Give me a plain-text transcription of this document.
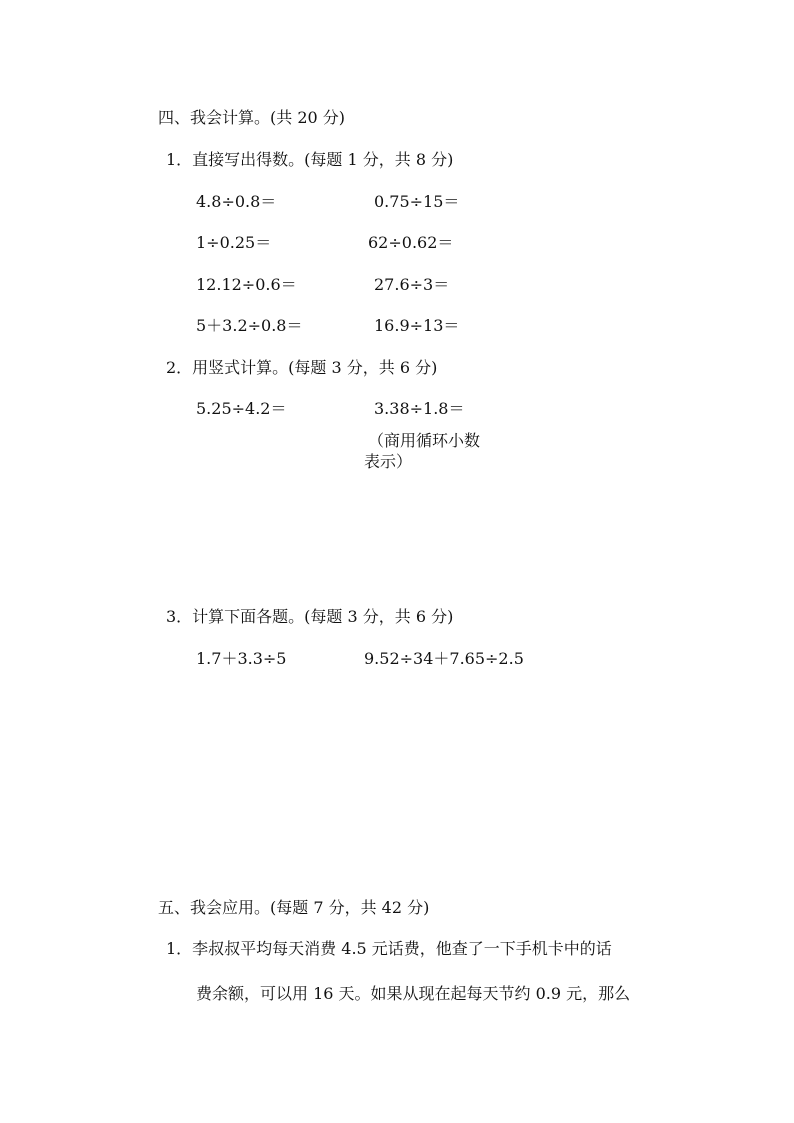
四、我会计算。(共 20 分)
1．直接写出得数。(每题 1 分，共 8 分)
4.8÷0.8＝	0.75÷15＝
1÷0.25＝	62÷0.62＝
12.12÷0.6＝	27.6÷3＝
5＋3.2÷0.8＝	16.9÷13＝
2．用竖式计算。(每题 3 分，共 6 分)
5.25÷4.2＝	3.38÷1.8＝
（商用循环小数
表示）
3．计算下面各题。(每题 3 分，共 6 分)
1.7＋3.3÷5	9.52÷34＋7.65÷2.5
五、我会应用。(每题 7 分，共 42 分)
1．李叔叔平均每天消费 4.5 元话费，他查了一下手机卡中的话
费余额，可以用 16 天。如果从现在起每天节约 0.9 元，那么
